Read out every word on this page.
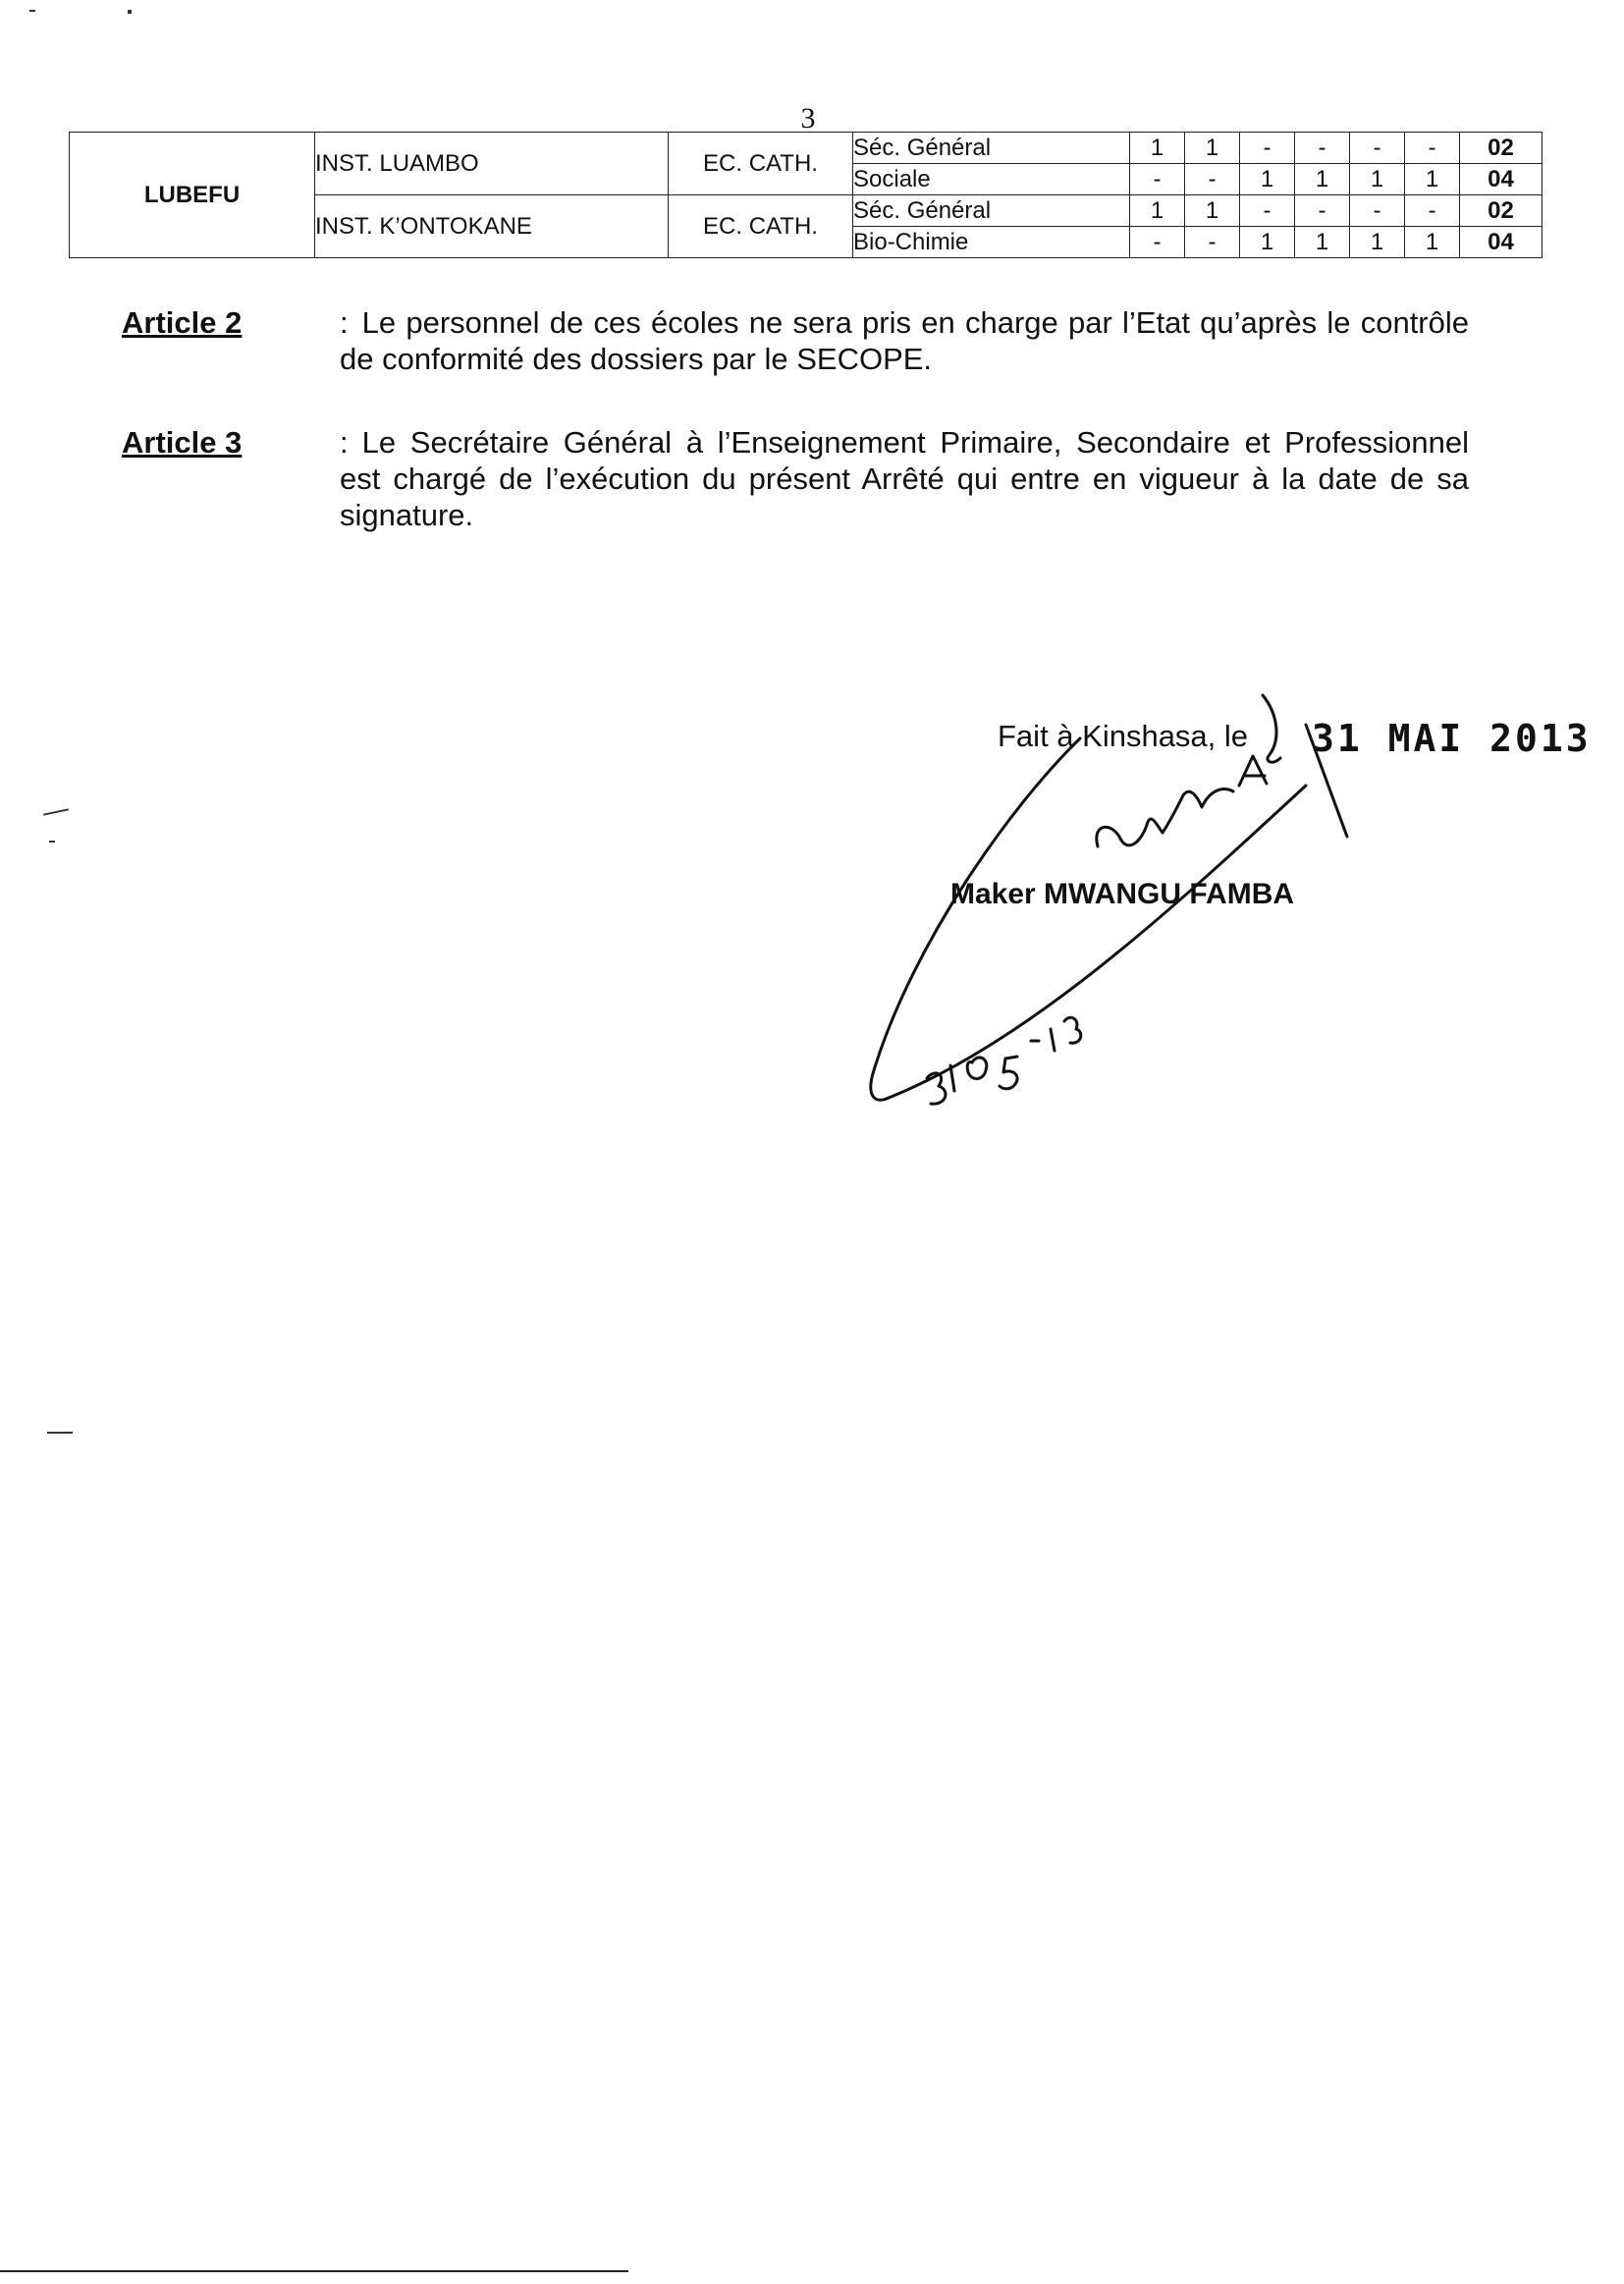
3
LUBEFU	INST. LUAMBO	EC. CATH.	Séc. Général	1	1	-	-	-	-	02
			Sociale	-	-	1	1	1	1	04
	INST. K’ONTOKANE	EC. CATH.	Séc. Général	1	1	-	-	-	-	02
			Bio-Chimie	-	-	1	1	1	1	04
Article 2	: Le personnel de ces écoles ne sera pris en charge par l’Etat qu’après le contrôle de conformité des dossiers par le SECOPE.
Article 3	: Le Secrétaire Général à l’Enseignement Primaire, Secondaire et Professionnel est chargé de l’exécution du présent Arrêté qui entre en vigueur à la date de sa signature.
Fait à Kinshasa, le 31 MAI 2013
Maker MWANGU FAMBA
